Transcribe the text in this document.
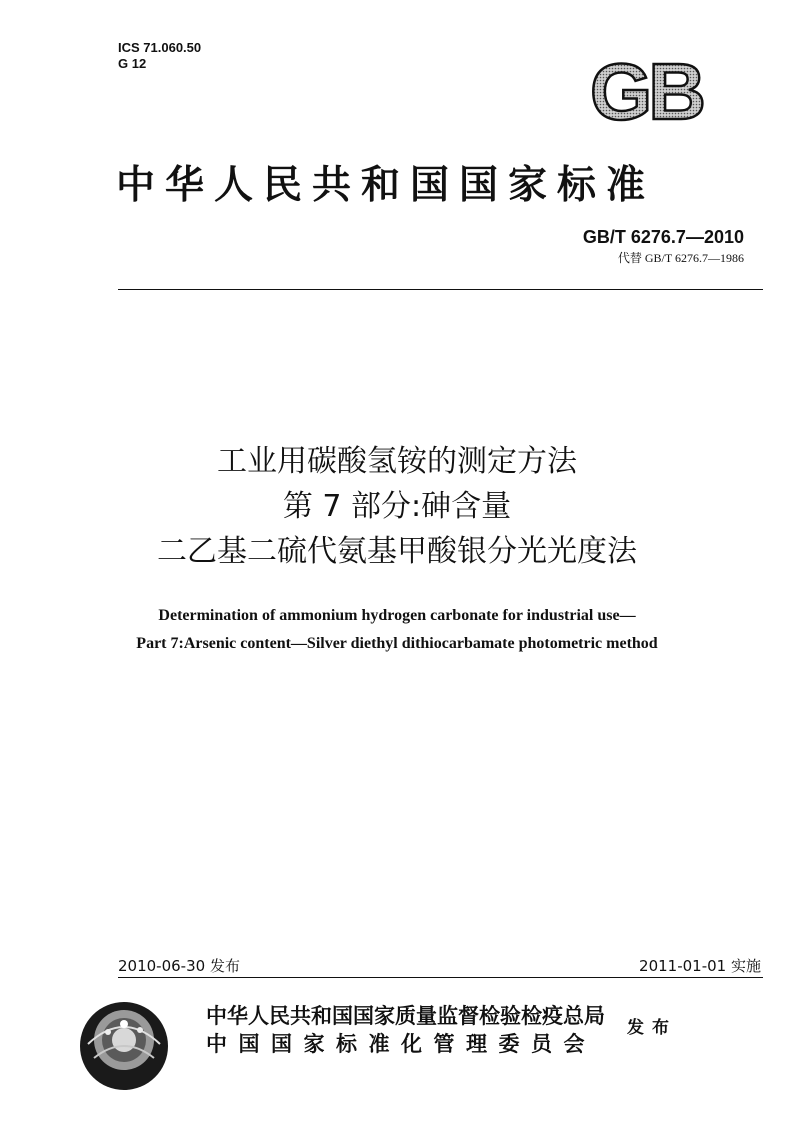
ICS 71.060.50
G 12	GB
中华人民共和国国家标准
GB/T 6276.7—2010
代替 GB/T 6276.7—1986
工业用碳酸氢铵的测定方法
第 7 部分:砷含量
二乙基二硫代氨基甲酸银分光光度法
Determination of ammonium hydrogen carbonate for industrial use—
Part 7:Arsenic content—Silver diethyl dithiocarbamate photometric method
2010-06-30 发布	2011-01-01 实施
中华人民共和国国家质量监督检验检疫总局
中国国家标准化管理委员会
发布
